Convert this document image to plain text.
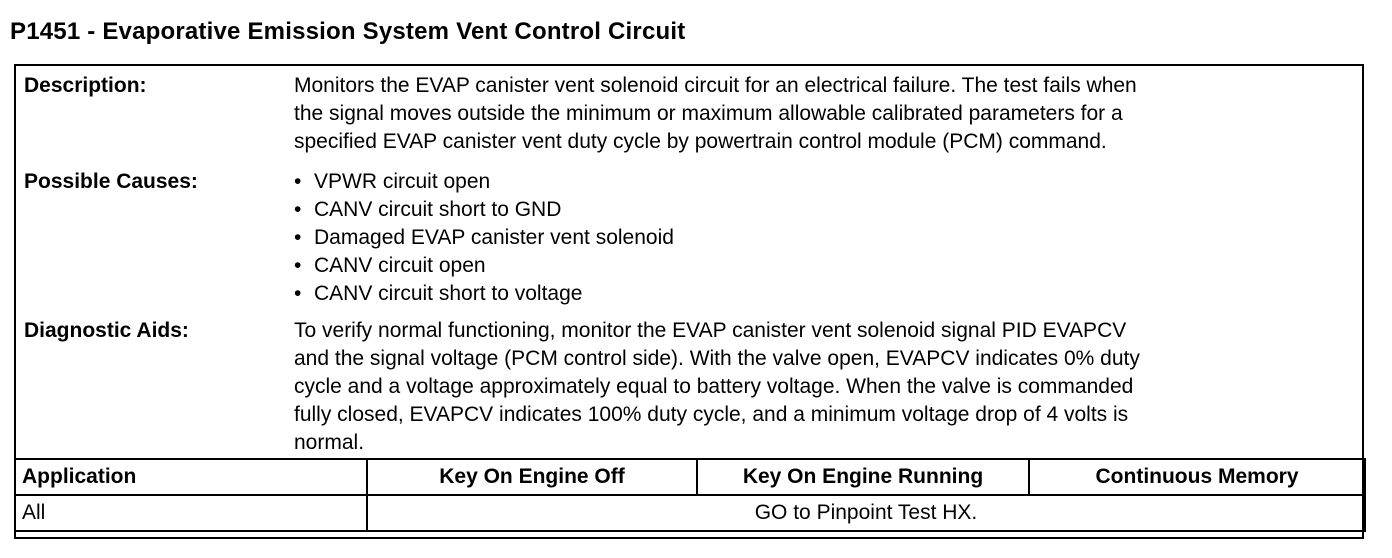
P1451 - Evaporative Emission System Vent Control Circuit
Description:	Monitors the EVAP canister vent solenoid circuit for an electrical failure. The test fails when
the signal moves outside the minimum or maximum allowable calibrated parameters for a
specified EVAP canister vent duty cycle by powertrain control module (PCM) command.
Possible Causes:	• VPWR circuit open
• CANV circuit short to GND
• Damaged EVAP canister vent solenoid
• CANV circuit open
• CANV circuit short to voltage
Diagnostic Aids:	To verify normal functioning, monitor the EVAP canister vent solenoid signal PID EVAPCV
and the signal voltage (PCM control side). With the valve open, EVAPCV indicates 0% duty
cycle and a voltage approximately equal to battery voltage. When the valve is commanded
fully closed, EVAPCV indicates 100% duty cycle, and a minimum voltage drop of 4 volts is
normal.
Application	Key On Engine Off	Key On Engine Running	Continuous Memory
All	GO to Pinpoint Test HX.		
